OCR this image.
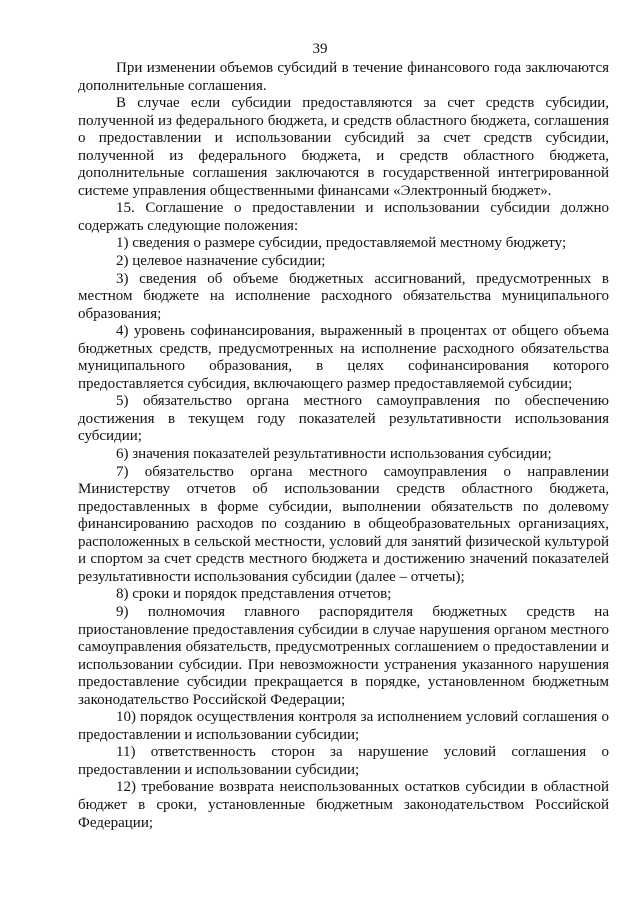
39

При изменении объемов субсидий в течение финансового года заключаются дополнительные соглашения.

В случае если субсидии предоставляются за счет средств субсидии, полученной из федерального бюджета, и средств областного бюджета, соглашения о предоставлении и использовании субсидий за счет средств субсидии, полученной из федерального бюджета, и средств областного бюджета, дополнительные соглашения заключаются в государственной интегрированной системе управления общественными финансами «Электронный бюджет».

15. Соглашение о предоставлении и использовании субсидии должно содержать следующие положения:

1) сведения о размере субсидии, предоставляемой местному бюджету;

2) целевое назначение субсидии;

3) сведения об объеме бюджетных ассигнований, предусмотренных в местном бюджете на исполнение расходного обязательства муниципального образования;

4) уровень софинансирования, выраженный в процентах от общего объема бюджетных средств, предусмотренных на исполнение расходного обязательства муниципального образования, в целях софинансирования которого предоставляется субсидия, включающего размер предоставляемой субсидии;

5) обязательство органа местного самоуправления по обеспечению достижения в текущем году показателей результативности использования субсидии;

6) значения показателей результативности использования субсидии;

7) обязательство органа местного самоуправления о направлении Министерству отчетов об использовании средств областного бюджета, предоставленных в форме субсидии, выполнении обязательств по долевому финансированию расходов по созданию в общеобразовательных организациях, расположенных в сельской местности, условий для занятий физической культурой и спортом за счет средств местного бюджета и достижению значений показателей результативности использования субсидии (далее – отчеты);

8) сроки и порядок представления отчетов;

9) полномочия главного распорядителя бюджетных средств на приостановление предоставления субсидии в случае нарушения органом местного самоуправления обязательств, предусмотренных соглашением о предоставлении и использовании субсидии. При невозможности устранения указанного нарушения предоставление субсидии прекращается в порядке, установленном бюджетным законодательство Российской Федерации;

10) порядок осуществления контроля за исполнением условий соглашения о предоставлении и использовании субсидии;

11) ответственность сторон за нарушение условий соглашения о предоставлении и использовании субсидии;

12) требование возврата неиспользованных остатков субсидии в областной бюджет в сроки, установленные бюджетным законодательством Российской Федерации;
